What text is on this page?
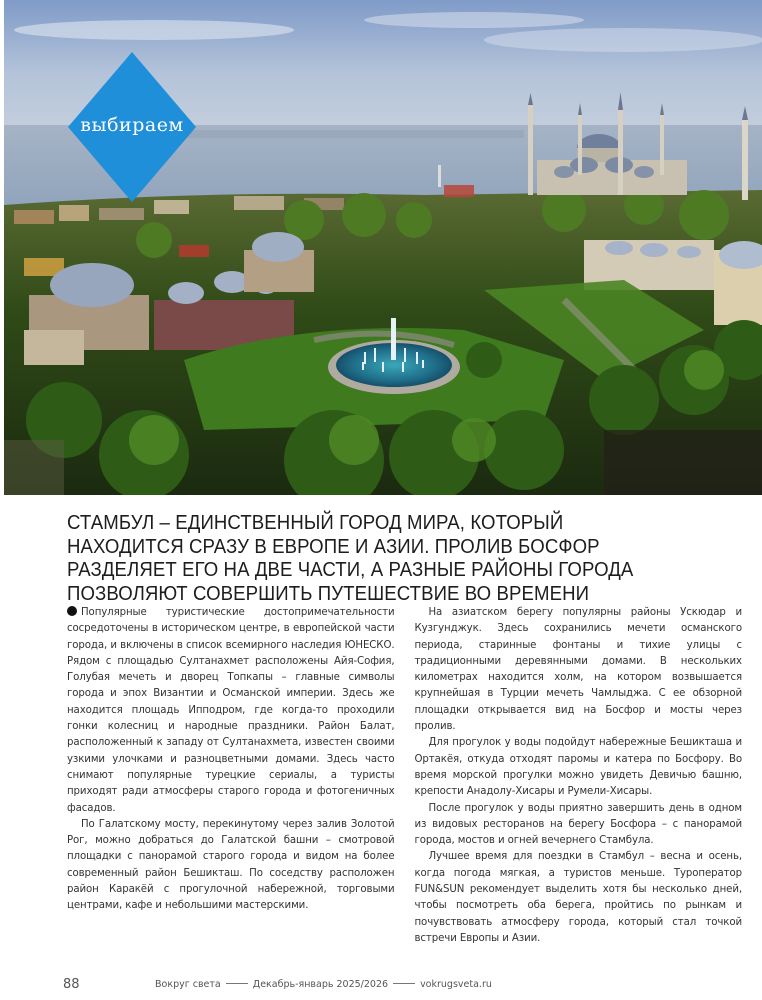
выбираем
СТАМБУЛ – ЕДИНСТВЕННЫЙ ГОРОД МИРА, КОТОРЫЙ НАХОДИТСЯ СРАЗУ В ЕВРОПЕ И АЗИИ. ПРОЛИВ БОСФОР РАЗДЕЛЯЕТ ЕГО НА ДВЕ ЧАСТИ, А РАЗНЫЕ РАЙОНЫ ГОРОДА ПОЗВОЛЯЮТ СОВЕРШИТЬ ПУТЕШЕСТВИЕ ВО ВРЕМЕНИ

Популярные туристические достопримечательности сосредоточены в историческом центре, в европейской части города, и включены в список всемирного наследия ЮНЕСКО. Рядом с площадью Султанахмет расположены Айя-София, Голубая мечеть и дворец Топкапы – главные символы города и эпох Византии и Османской империи. Здесь же находится площадь Ипподром, где когда-то проходили гонки колесниц и народные праздники. Район Балат, расположенный к западу от Султанахмета, известен своими узкими улочками и разноцветными домами. Здесь часто снимают популярные турецкие сериалы, а туристы приходят ради атмосферы старого города и фотогеничных фасадов.

По Галатскому мосту, перекинутому через залив Золотой Рог, можно добраться до Галатской башни – смотровой площадки с панорамой старого города и видом на более современный район Бешикташ. По соседству расположен район Каракёй с прогулочной набережной, торговыми центрами, кафе и небольшими мастерскими.

На азиатском берегу популярны районы Ускюдар и Кузгунджук. Здесь сохранились мечети османского периода, старинные фонтаны и тихие улицы с традиционными деревянными домами. В нескольких километрах находится холм, на котором возвышается крупнейшая в Турции мечеть Чамлыджа. С ее обзорной площадки открывается вид на Босфор и мосты через пролив.

Для прогулок у воды подойдут набережные Бешикташа и Ортакёя, откуда отходят паромы и катера по Босфору. Во время морской прогулки можно увидеть Девичью башню, крепости Анадолу-Хисары и Румели-Хисары.

После прогулок у воды приятно завершить день в одном из видовых ресторанов на берегу Босфора – с панорамой города, мостов и огней вечернего Стамбула.

Лучшее время для поездки в Стамбул – весна и осень, когда погода мягкая, а туристов меньше. Туроператор FUN&SUN рекомендует выделить хотя бы несколько дней, чтобы посмотреть оба берега, пройтись по рынкам и почувствовать атмосферу города, который стал точкой встречи Европы и Азии.

88	Вокруг света	Декабрь-январь 2025/2026	vokrugsveta.ru
